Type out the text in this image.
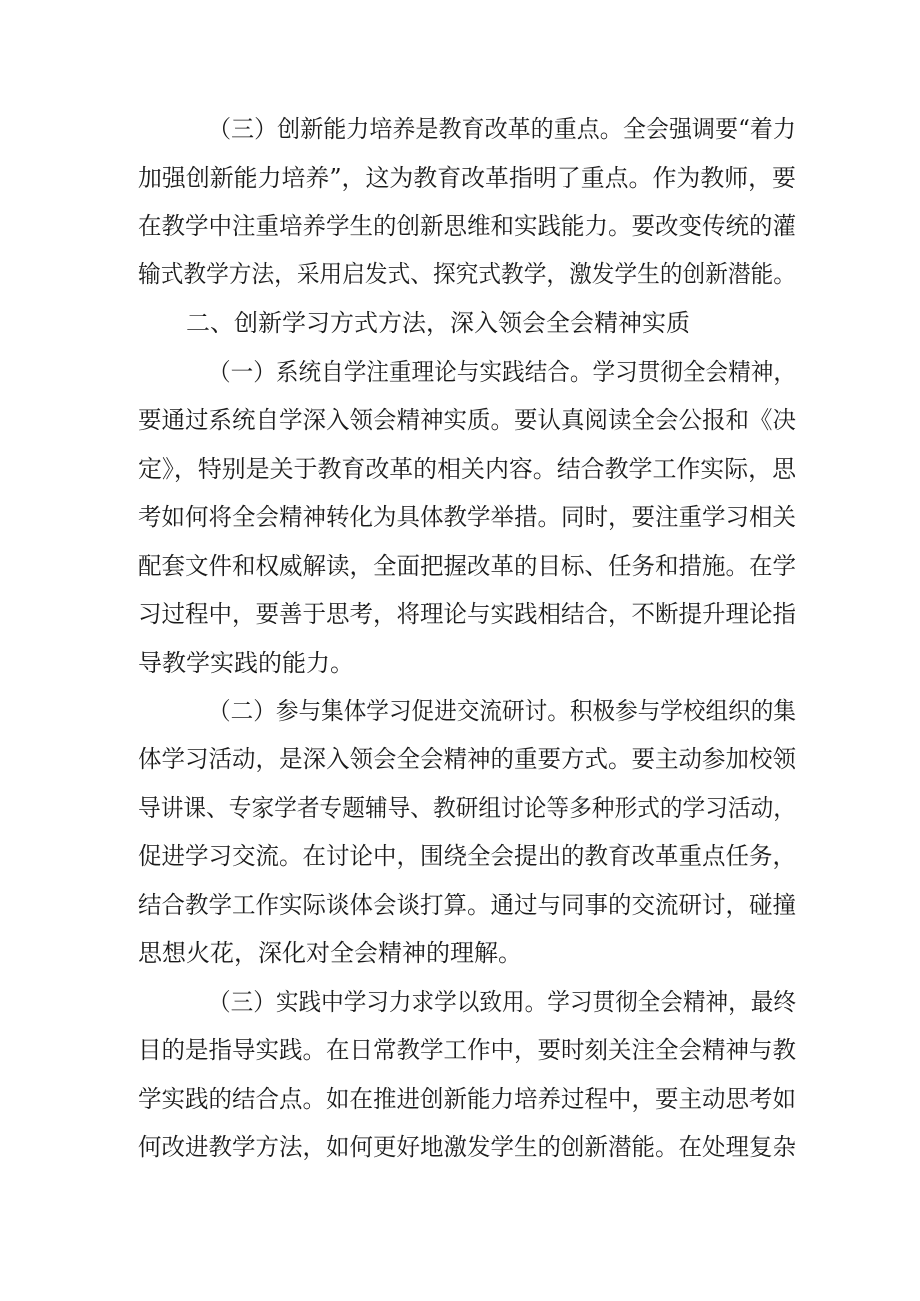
（三）创新能力培养是教育改革的重点。全会强调要“着力
加强创新能力培养”，这为教育改革指明了重点。作为教师，要
在教学中注重培养学生的创新思维和实践能力。要改变传统的灌
输式教学方法，采用启发式、探究式教学，激发学生的创新潜能。
二、创新学习方式方法，深入领会全会精神实质
（一）系统自学注重理论与实践结合。学习贯彻全会精神，
要通过系统自学深入领会精神实质。要认真阅读全会公报和《决
定》，特别是关于教育改革的相关内容。结合教学工作实际，思
考如何将全会精神转化为具体教学举措。同时，要注重学习相关
配套文件和权威解读，全面把握改革的目标、任务和措施。在学
习过程中，要善于思考，将理论与实践相结合，不断提升理论指
导教学实践的能力。
（二）参与集体学习促进交流研讨。积极参与学校组织的集
体学习活动，是深入领会全会精神的重要方式。要主动参加校领
导讲课、专家学者专题辅导、教研组讨论等多种形式的学习活动，
促进学习交流。在讨论中，围绕全会提出的教育改革重点任务，
结合教学工作实际谈体会谈打算。通过与同事的交流研讨，碰撞
思想火花，深化对全会精神的理解。
（三）实践中学习力求学以致用。学习贯彻全会精神，最终
目的是指导实践。在日常教学工作中，要时刻关注全会精神与教
学实践的结合点。如在推进创新能力培养过程中，要主动思考如
何改进教学方法，如何更好地激发学生的创新潜能。在处理复杂
